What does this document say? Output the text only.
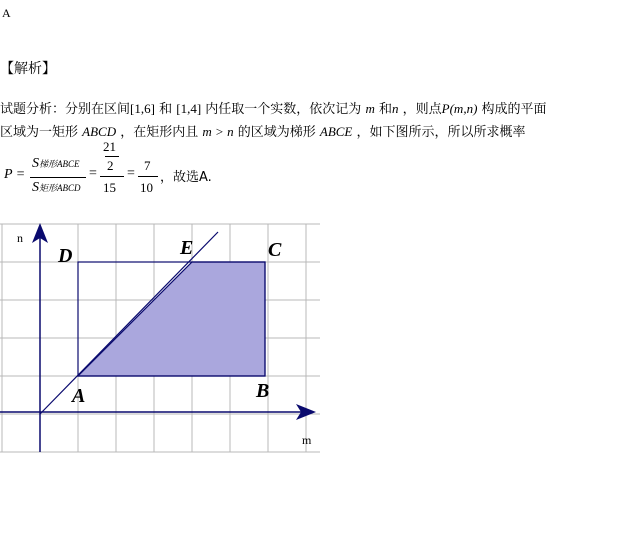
A
【解析】
试题分析：分别在区间[1,6] 和 [1,4] 内任取一个实数，依次记为 m 和n ，则点P(m,n) 构成的平面
区域为一矩形 ABCD ，在矩形内且 m > n 的区域为梯形 ABCE ，如下图所示，所以所求概率
P =
S梯形ABCE
S矩形ABCD
=
21
2
15
=
7
10
，故选A.
n
m
D	E	C
A	B
